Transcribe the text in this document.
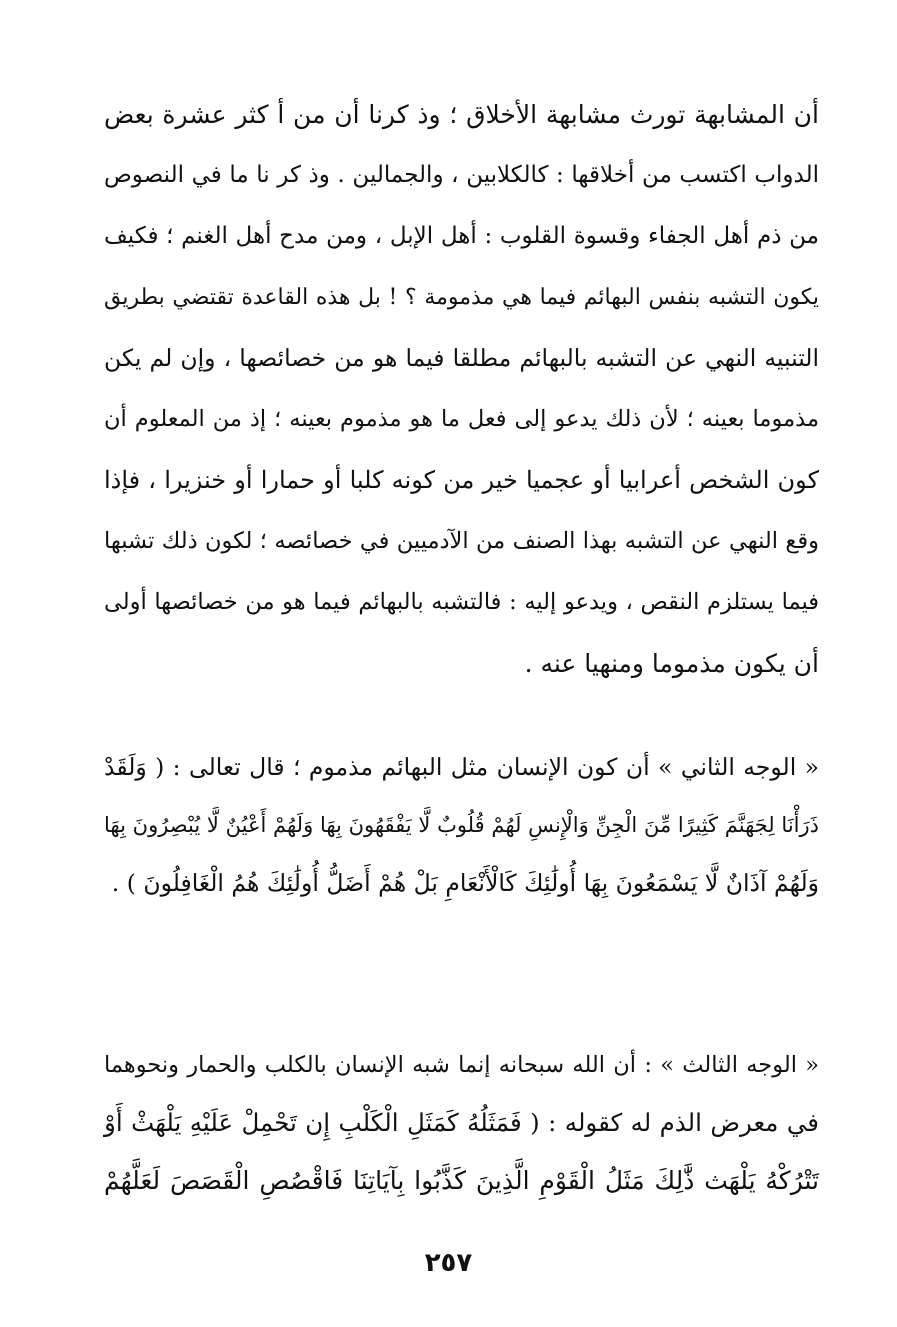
أن المشابهة تورث مشابهة الأخلاق ؛ وذ كرنا أن من أ كثر عشرة بعض
الدواب اكتسب من أخلاقها : كالكلابين ، والجمالين . وذ كر نا ما في النصوص
من ذم أهل الجفاء وقسوة القلوب : أهل الإبل ، ومن مدح أهل الغنم ؛ فكيف
يكون التشبه بنفس البهائم فيما هي مذمومة ؟ ! بل هذه القاعدة تقتضي بطريق
التنبيه النهي عن التشبه بالبهائم مطلقا فيما هو من خصائصها ، وإن لم يكن
مذموما بعينه ؛ لأن ذلك يدعو إلى فعل ما هو مذموم بعينه ؛ إذ من المعلوم أن
كون الشخص أعرابيا أو عجميا خير من كونه كلبا أو حمارا أو خنزيرا ، فإذا
وقع النهي عن التشبه بهذا الصنف من الآدميين في خصائصه ؛ لكون ذلك تشبها
فيما يستلزم النقص ، ويدعو إليه : فالتشبه بالبهائم فيما هو من خصائصها أولى
أن يكون مذموما ومنهيا عنه .
« الوجه الثاني » أن كون الإنسان مثل البهائم مذموم ؛ قال تعالى : ( وَلَقَدْ
ذَرَأْنَا لِجَهَنَّمَ كَثِيرًا مِّنَ الْجِنِّ وَالْإِنسِ لَهُمْ قُلُوبٌ لَّا يَفْقَهُونَ بِهَا وَلَهُمْ أَعْيُنٌ لَّا يُبْصِرُونَ بِهَا
وَلَهُمْ آذَانٌ لَّا يَسْمَعُونَ بِهَا أُولَٰئِكَ كَالْأَنْعَامِ بَلْ هُمْ أَضَلُّ أُولَٰئِكَ هُمُ الْغَافِلُونَ ) .
« الوجه الثالث » : أن الله سبحانه إنما شبه الإنسان بالكلب والحمار ونحوهما
في معرض الذم له كقوله : ( فَمَثَلُهُ كَمَثَلِ الْكَلْبِ إِن تَحْمِلْ عَلَيْهِ يَلْهَثْ أَوْ
تَتْرُكْهُ يَلْهَث ذَّٰلِكَ مَثَلُ الْقَوْمِ الَّذِينَ كَذَّبُوا بِآيَاتِنَا فَاقْصُصِ الْقَصَصَ لَعَلَّهُمْ
٢٥٧
